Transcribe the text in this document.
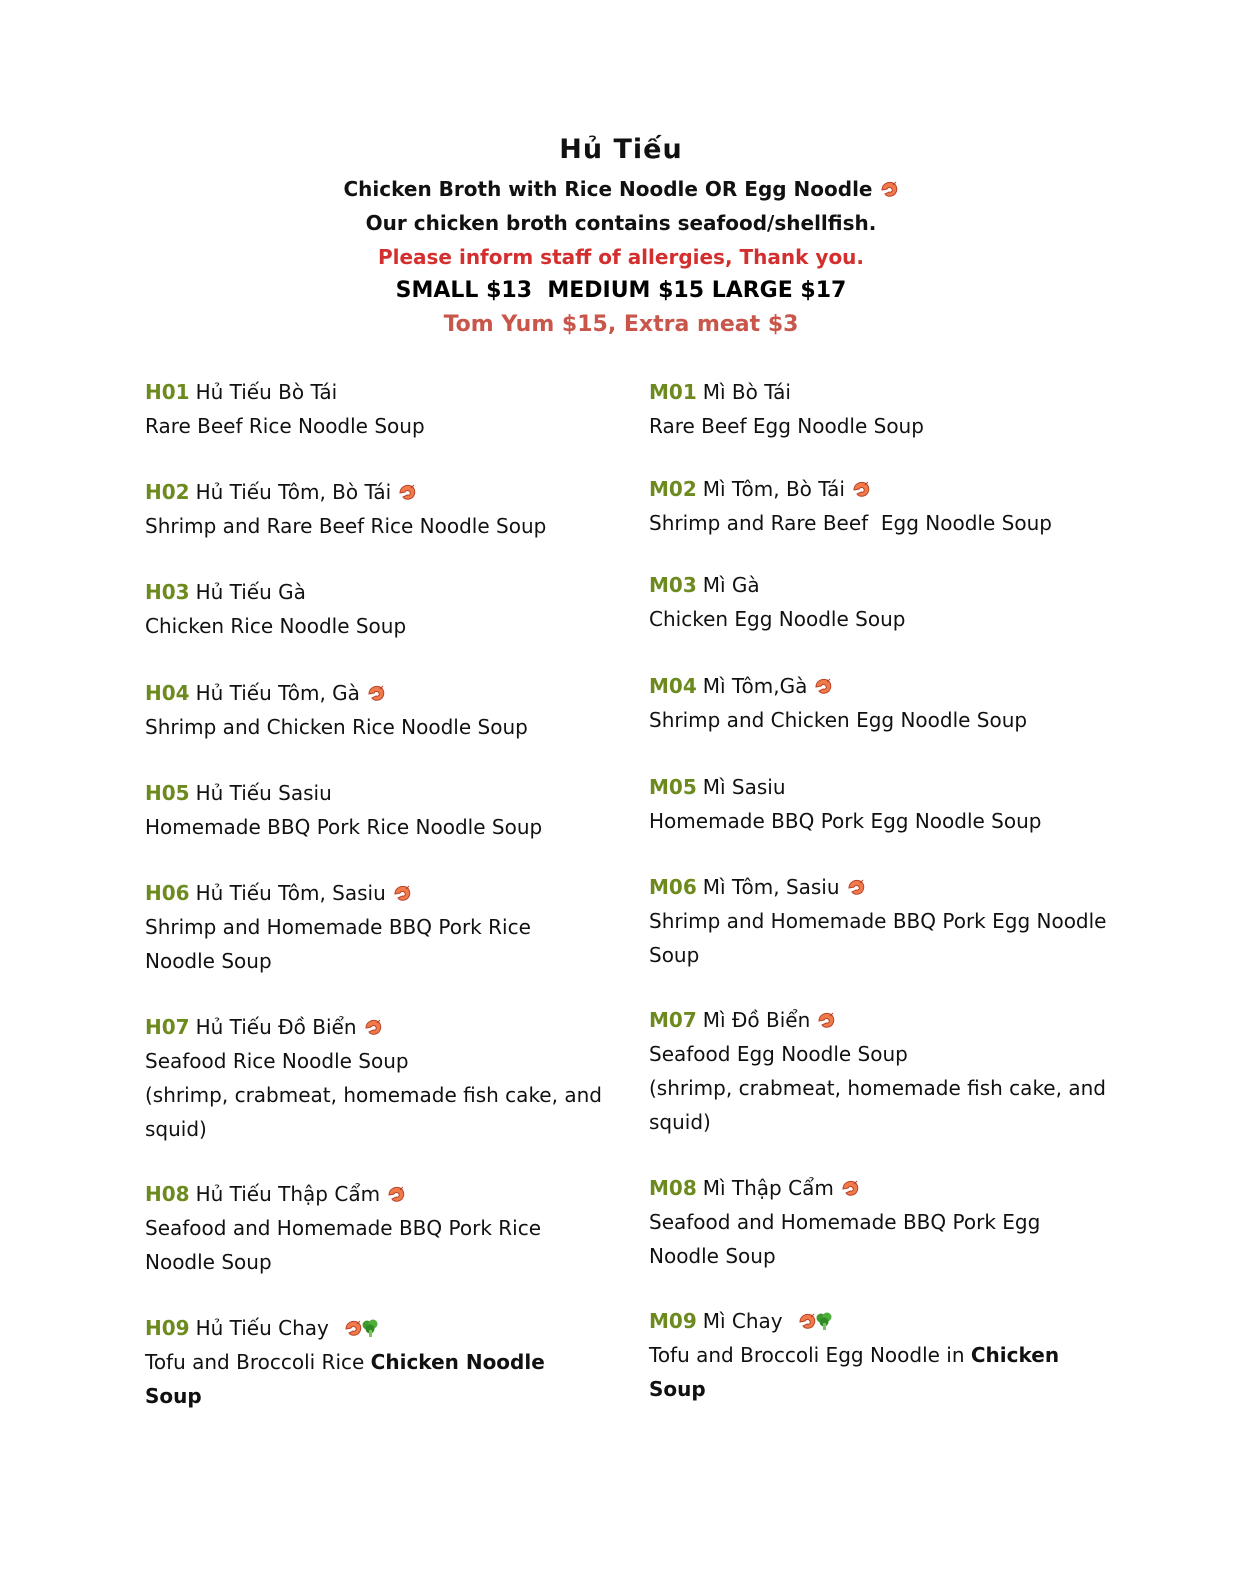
Hủ Tiếu
Chicken Broth with Rice Noodle OR Egg Noodle
Our chicken broth contains seafood/shellfish.
Please inform staff of allergies, Thank you.
SMALL $13  MEDIUM $15 LARGE $17
Tom Yum $15, Extra meat $3
H01 Hủ Tiếu Bò Tái
Rare Beef Rice Noodle Soup
H02 Hủ Tiếu Tôm, Bò Tái
Shrimp and Rare Beef Rice Noodle Soup
H03 Hủ Tiếu Gà
Chicken Rice Noodle Soup
H04 Hủ Tiếu Tôm, Gà
Shrimp and Chicken Rice Noodle Soup
H05 Hủ Tiếu Sasiu
Homemade BBQ Pork Rice Noodle Soup
H06 Hủ Tiếu Tôm, Sasiu
Shrimp and Homemade BBQ Pork Rice Noodle Soup
H07 Hủ Tiếu Đồ Biển
Seafood Rice Noodle Soup
(shrimp, crabmeat, homemade fish cake, and squid)
H08 Hủ Tiếu Thập Cẩm
Seafood and Homemade BBQ Pork Rice Noodle Soup
H09 Hủ Tiếu Chay
Tofu and Broccoli Rice Chicken Noodle Soup
M01 Mì Bò Tái
Rare Beef Egg Noodle Soup
M02 Mì Tôm, Bò Tái
Shrimp and Rare Beef  Egg Noodle Soup
M03 Mì Gà
Chicken Egg Noodle Soup
M04 Mì Tôm,Gà
Shrimp and Chicken Egg Noodle Soup
M05 Mì Sasiu
Homemade BBQ Pork Egg Noodle Soup
M06 Mì Tôm, Sasiu
Shrimp and Homemade BBQ Pork Egg Noodle Soup
M07 Mì Đồ Biển
Seafood Egg Noodle Soup
(shrimp, crabmeat, homemade fish cake, and squid)
M08 Mì Thập Cẩm
Seafood and Homemade BBQ Pork Egg Noodle Soup
M09 Mì Chay
Tofu and Broccoli Egg Noodle in Chicken Soup
